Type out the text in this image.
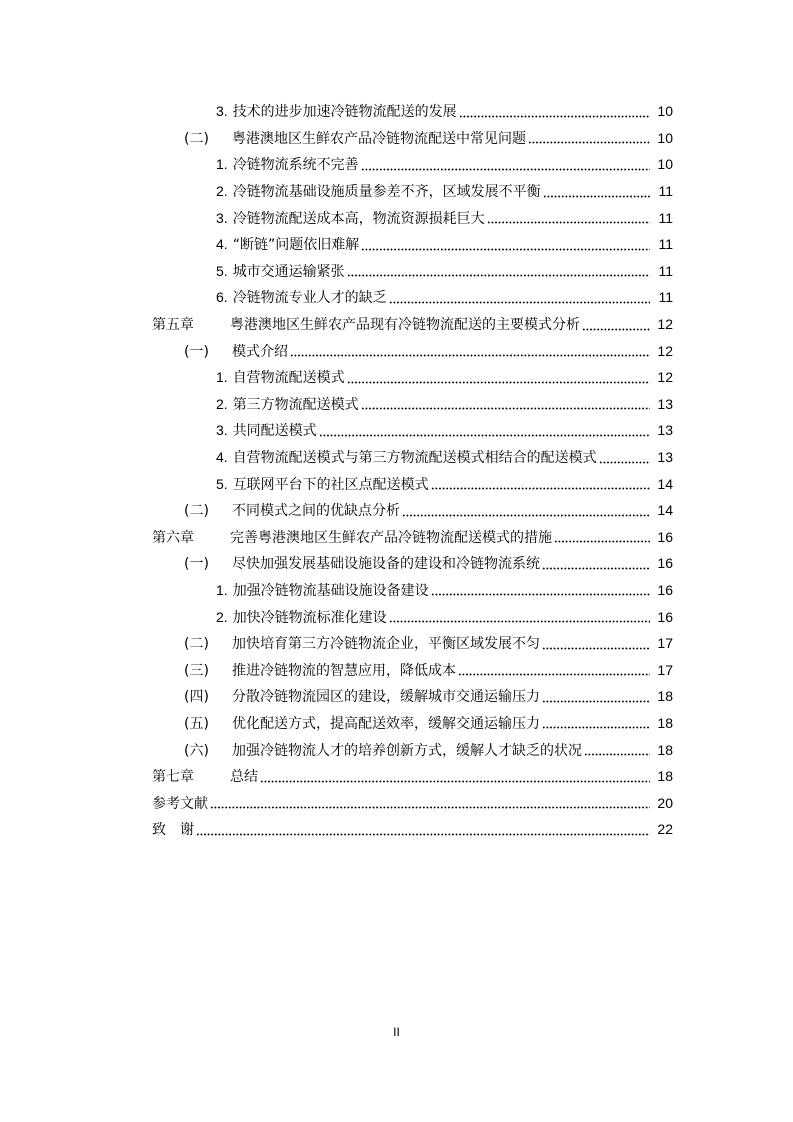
3. 技术的进步加速冷链物流配送的发展	10
(二)	粤港澳地区生鲜农产品冷链物流配送中常见问题	10
1. 冷链物流系统不完善	10
2. 冷链物流基础设施质量参差不齐，区域发展不平衡	11
3. 冷链物流配送成本高，物流资源损耗巨大	11
4. “断链”问题依旧难解	11
5. 城市交通运输紧张	11
6. 冷链物流专业人才的缺乏	11
第五章	粤港澳地区生鲜农产品现有冷链物流配送的主要模式分析	12
(一)	模式介绍	12
1. 自营物流配送模式	12
2. 第三方物流配送模式	13
3. 共同配送模式	13
4. 自营物流配送模式与第三方物流配送模式相结合的配送模式	13
5. 互联网平台下的社区点配送模式	14
(二)	不同模式之间的优缺点分析	14
第六章	完善粤港澳地区生鲜农产品冷链物流配送模式的措施	16
(一)	尽快加强发展基础设施设备的建设和冷链物流系统	16
1. 加强冷链物流基础设施设备建设	16
2. 加快冷链物流标准化建设	16
(二)	加快培育第三方冷链物流企业，平衡区域发展不匀	17
(三)	推进冷链物流的智慧应用，降低成本	17
(四)	分散冷链物流园区的建设，缓解城市交通运输压力	18
(五)	优化配送方式，提高配送效率，缓解交通运输压力	18
(六)	加强冷链物流人才的培养创新方式，缓解人才缺乏的状况	18
第七章	总结	18
参考文献	20
致　谢	22
II
